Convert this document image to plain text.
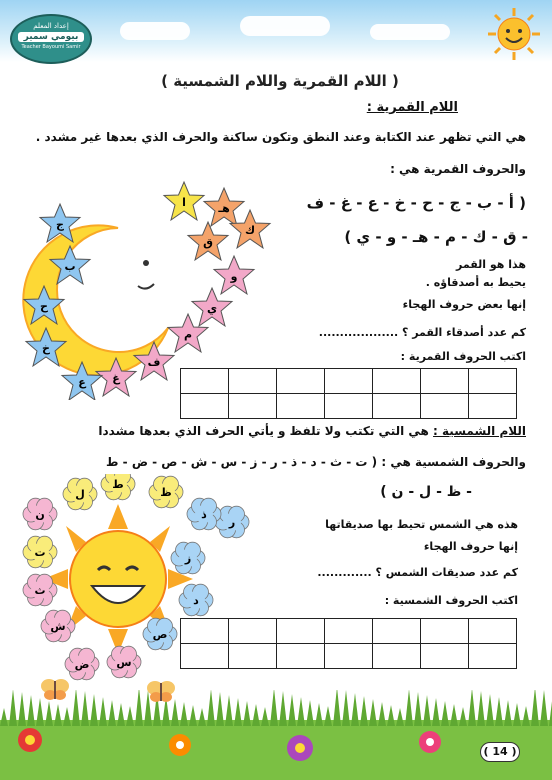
إعداد المعلم
بيومي سمير
Teacher Bayoumi Samir
( اللام القمرية واللام الشمسية )
اللام القمرية :
هي التي تظهر عند الكتابة وعند النطق وتكون ساكنة والحرف الذي بعدها غير مشدد .
والحروف القمرية هي :
( أ - ب - ج - ح - خ - ع - غ - ف
- ق - ك - م - هـ - و - ي )
هذا هو القمر
يحيط به أصدقاؤه .
إنها بعض حروف الهجاء
كم عدد أصدقاء القمر ؟ ...................
اكتب الحروف القمرية :

ا	هـ
ك
ق
و
ي
م
ف
غ
ع
خ
ح
ب
ج
اللام الشمسية : هي التي تكتب ولا تلفظ و يأتي الحرف الذي بعدها مشددا
والحروف الشمسية هي : ( ت - ث - د - ذ - ر - ز - س - ش - ص - ض - ط
- ظ - ل - ن )
هذه هي الشمس تحيط بها صديقاتها
إنها حروف الهجاء
كم عدد صديقات الشمس ؟ .............
اكتب الحروف الشمسية :

ظ
ط
ل
ن
ت
ث
ش
ض س
ص
د
ز
ر
ذ
( 14 )
